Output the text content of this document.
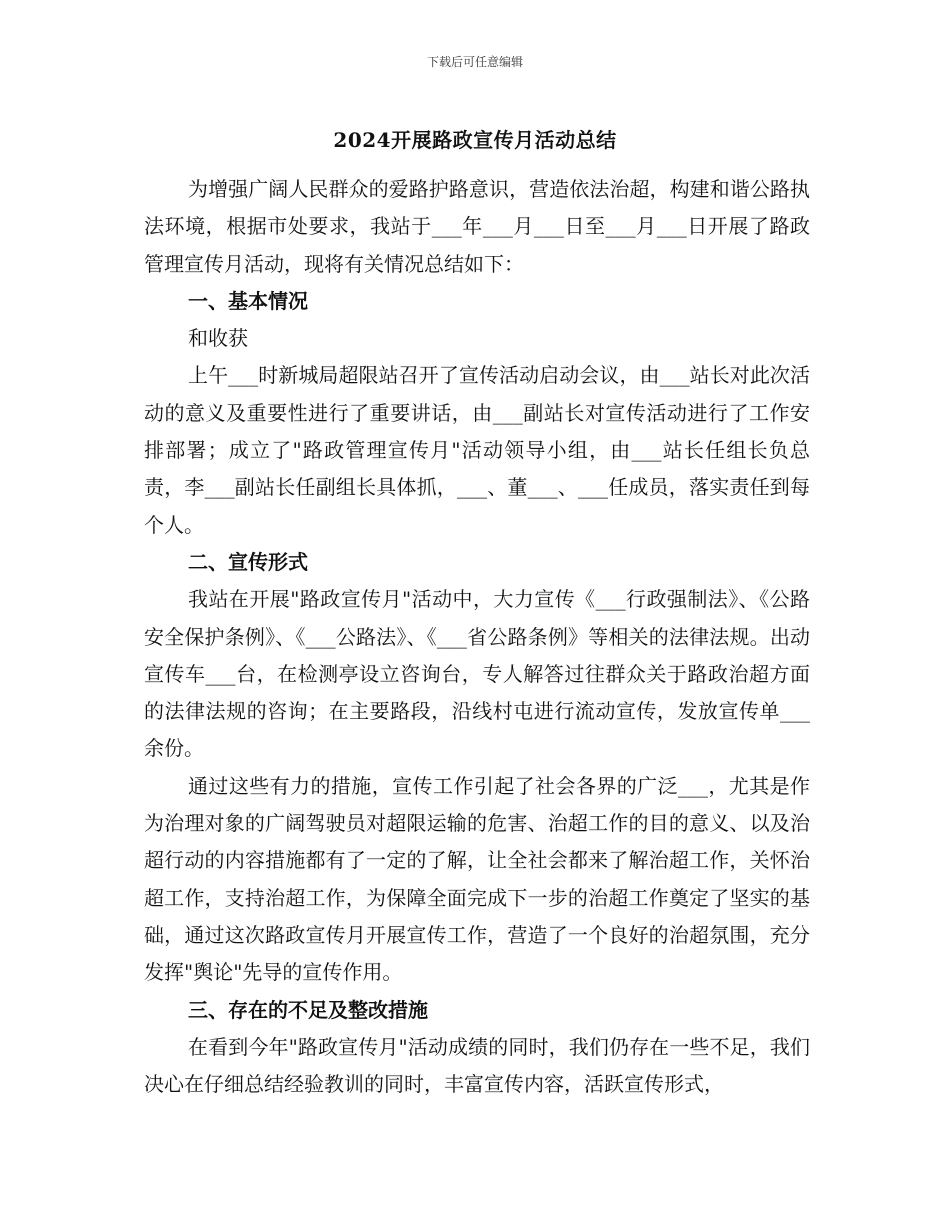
下载后可任意编辑
2024开展路政宣传月活动总结

为增强广阔人民群众的爱路护路意识，营造依法治超，构建和谐公路执法环境，根据市处要求，我站于___年___月___日至___月___日开展了路政管理宣传月活动，现将有关情况总结如下：

一、基本情况

和收获

上午___时新城局超限站召开了宣传活动启动会议，由___站长对此次活动的意义及重要性进行了重要讲话，由___副站长对宣传活动进行了工作安排部署；成立了"路政管理宣传月"活动领导小组，由___站长任组长负总责，李___副站长任副组长具体抓，___、董___、___任成员，落实责任到每个人。

二、宣传形式

我站在开展"路政宣传月"活动中，大力宣传《___行政强制法》、《公路安全保护条例》、《___公路法》、《___省公路条例》等相关的法律法规。出动宣传车___台，在检测亭设立咨询台，专人解答过往群众关于路政治超方面的法律法规的咨询；在主要路段，沿线村屯进行流动宣传，发放宣传单___余份。

通过这些有力的措施，宣传工作引起了社会各界的广泛___，尤其是作为治理对象的广阔驾驶员对超限运输的危害、治超工作的目的意义、以及治超行动的内容措施都有了一定的了解，让全社会都来了解治超工作，关怀治超工作，支持治超工作，为保障全面完成下一步的治超工作奠定了坚实的基础，通过这次路政宣传月开展宣传工作，营造了一个良好的治超氛围，充分发挥"舆论"先导的宣传作用。

三、存在的不足及整改措施

在看到今年"路政宣传月"活动成绩的同时，我们仍存在一些不足，我们决心在仔细总结经验教训的同时，丰富宣传内容，活跃宣传形式，
